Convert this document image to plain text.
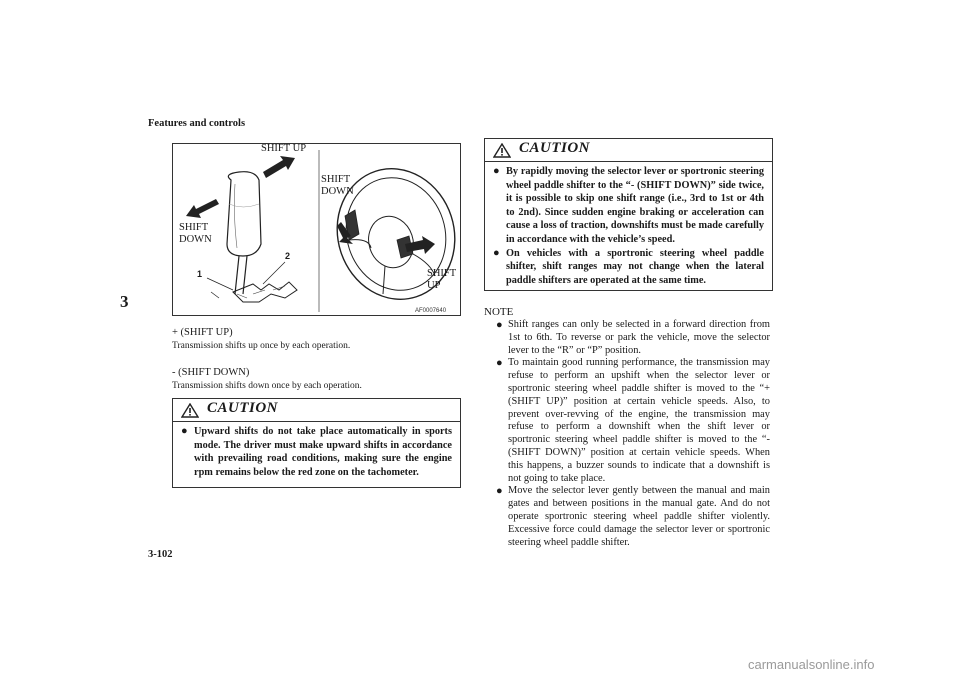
Features and controls
3
3-102
SHIFT UP
SHIFT
DOWN
SHIFT
DOWN
SHIFT
UP
1
2
AF0007640
+ (SHIFT UP)
Transmission shifts up once by each operation.
- (SHIFT DOWN)
Transmission shifts down once by each operation.
CAUTION
● Upward shifts do not take place automatically in sports mode. The driver must make upward shifts in accordance with prevailing road conditions, making sure the engine rpm remains below the red zone on the tachometer.
CAUTION
● By rapidly moving the selector lever or sportronic steering wheel paddle shifter to the “- (SHIFT DOWN)” side twice, it is possible to skip one shift range (i.e., 3rd to 1st or 4th to 2nd). Since sudden engine braking or acceleration can cause a loss of traction, downshifts must be made carefully in accordance with the vehicle’s speed.
● On vehicles with a sportronic steering wheel paddle shifter, shift ranges may not change when the lateral paddle shifters are operated at the same time.
NOTE
● Shift ranges can only be selected in a forward direction from 1st to 6th. To reverse or park the vehicle, move the selector lever to the “R” or “P” position.
● To maintain good running performance, the transmission may refuse to perform an upshift when the selector lever or sportronic steering wheel paddle shifter is moved to the “+ (SHIFT UP)” position at certain vehicle speeds. Also, to prevent over-revving of the engine, the transmission may refuse to perform a downshift when the shift lever or sportronic steering wheel paddle shifter is moved to the “- (SHIFT DOWN)” position at certain vehicle speeds. When this happens, a buzzer sounds to indicate that a downshift is not going to take place.
● Move the selector lever gently between the manual and main gates and between positions in the manual gate. And do not operate sportronic steering wheel paddle shifter violently. Excessive force could damage the selector lever or sportronic steering wheel paddle shifter.
carmanualsonline.info
